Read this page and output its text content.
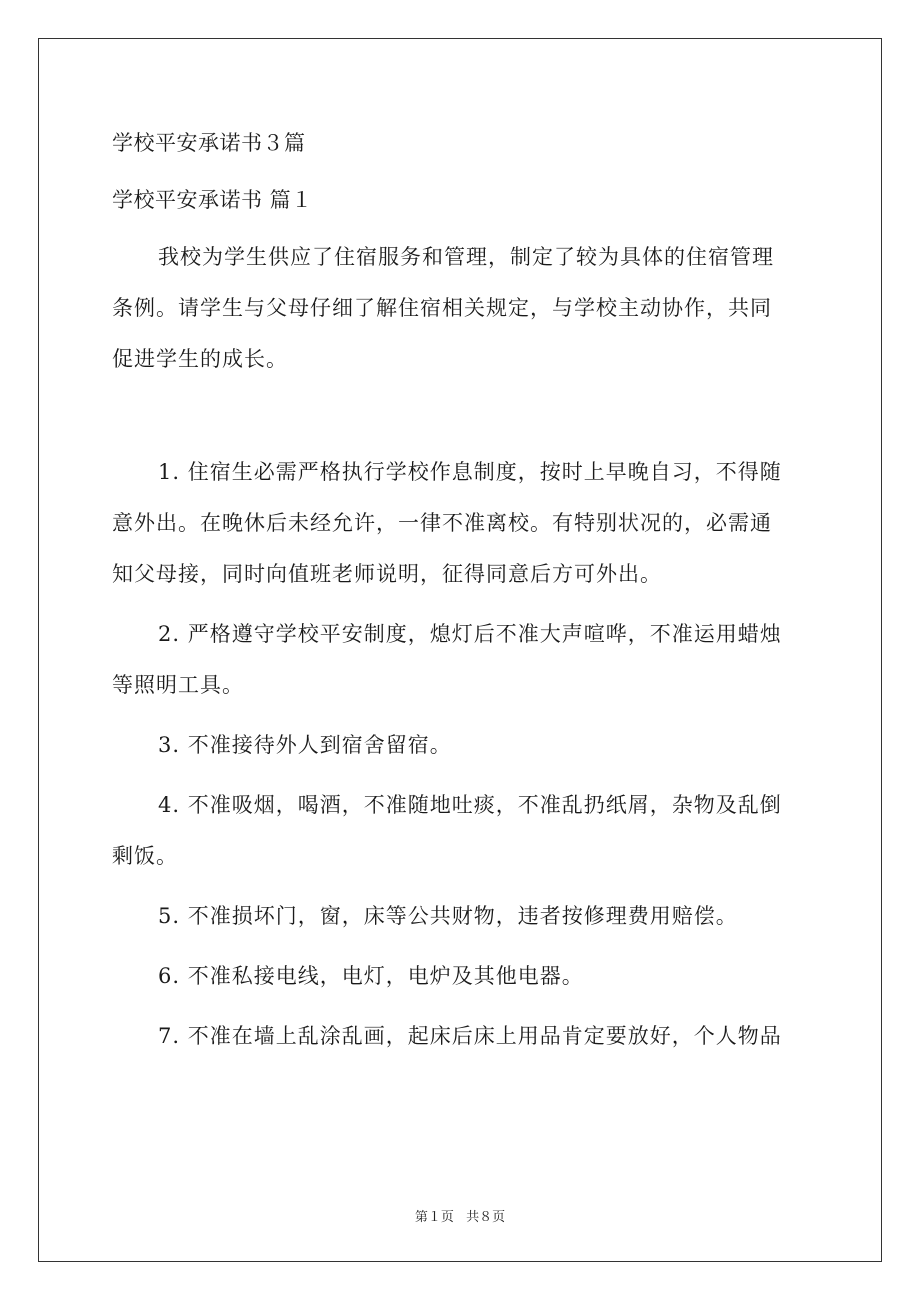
学校平安承诺书３篇

学校平安承诺书 篇１

我校为学生供应了住宿服务和管理，制定了较为具体的住宿管理

条例。请学生与父母仔细了解住宿相关规定，与学校主动协作，共同

促进学生的成长。

1. 住宿生必需严格执行学校作息制度，按时上早晚自习，不得随

意外出。在晚休后未经允许，一律不准离校。有特别状况的，必需通

知父母接，同时向值班老师说明，征得同意后方可外出。

2. 严格遵守学校平安制度，熄灯后不准大声喧哗，不准运用蜡烛

等照明工具。

3. 不准接待外人到宿舍留宿。

4. 不准吸烟，喝酒，不准随地吐痰，不准乱扔纸屑，杂物及乱倒

剩饭。

5. 不准损坏门，窗，床等公共财物，违者按修理费用赔偿。

6. 不准私接电线，电灯，电炉及其他电器。

7. 不准在墙上乱涂乱画，起床后床上用品肯定要放好，个人物品

第１页 共８页
